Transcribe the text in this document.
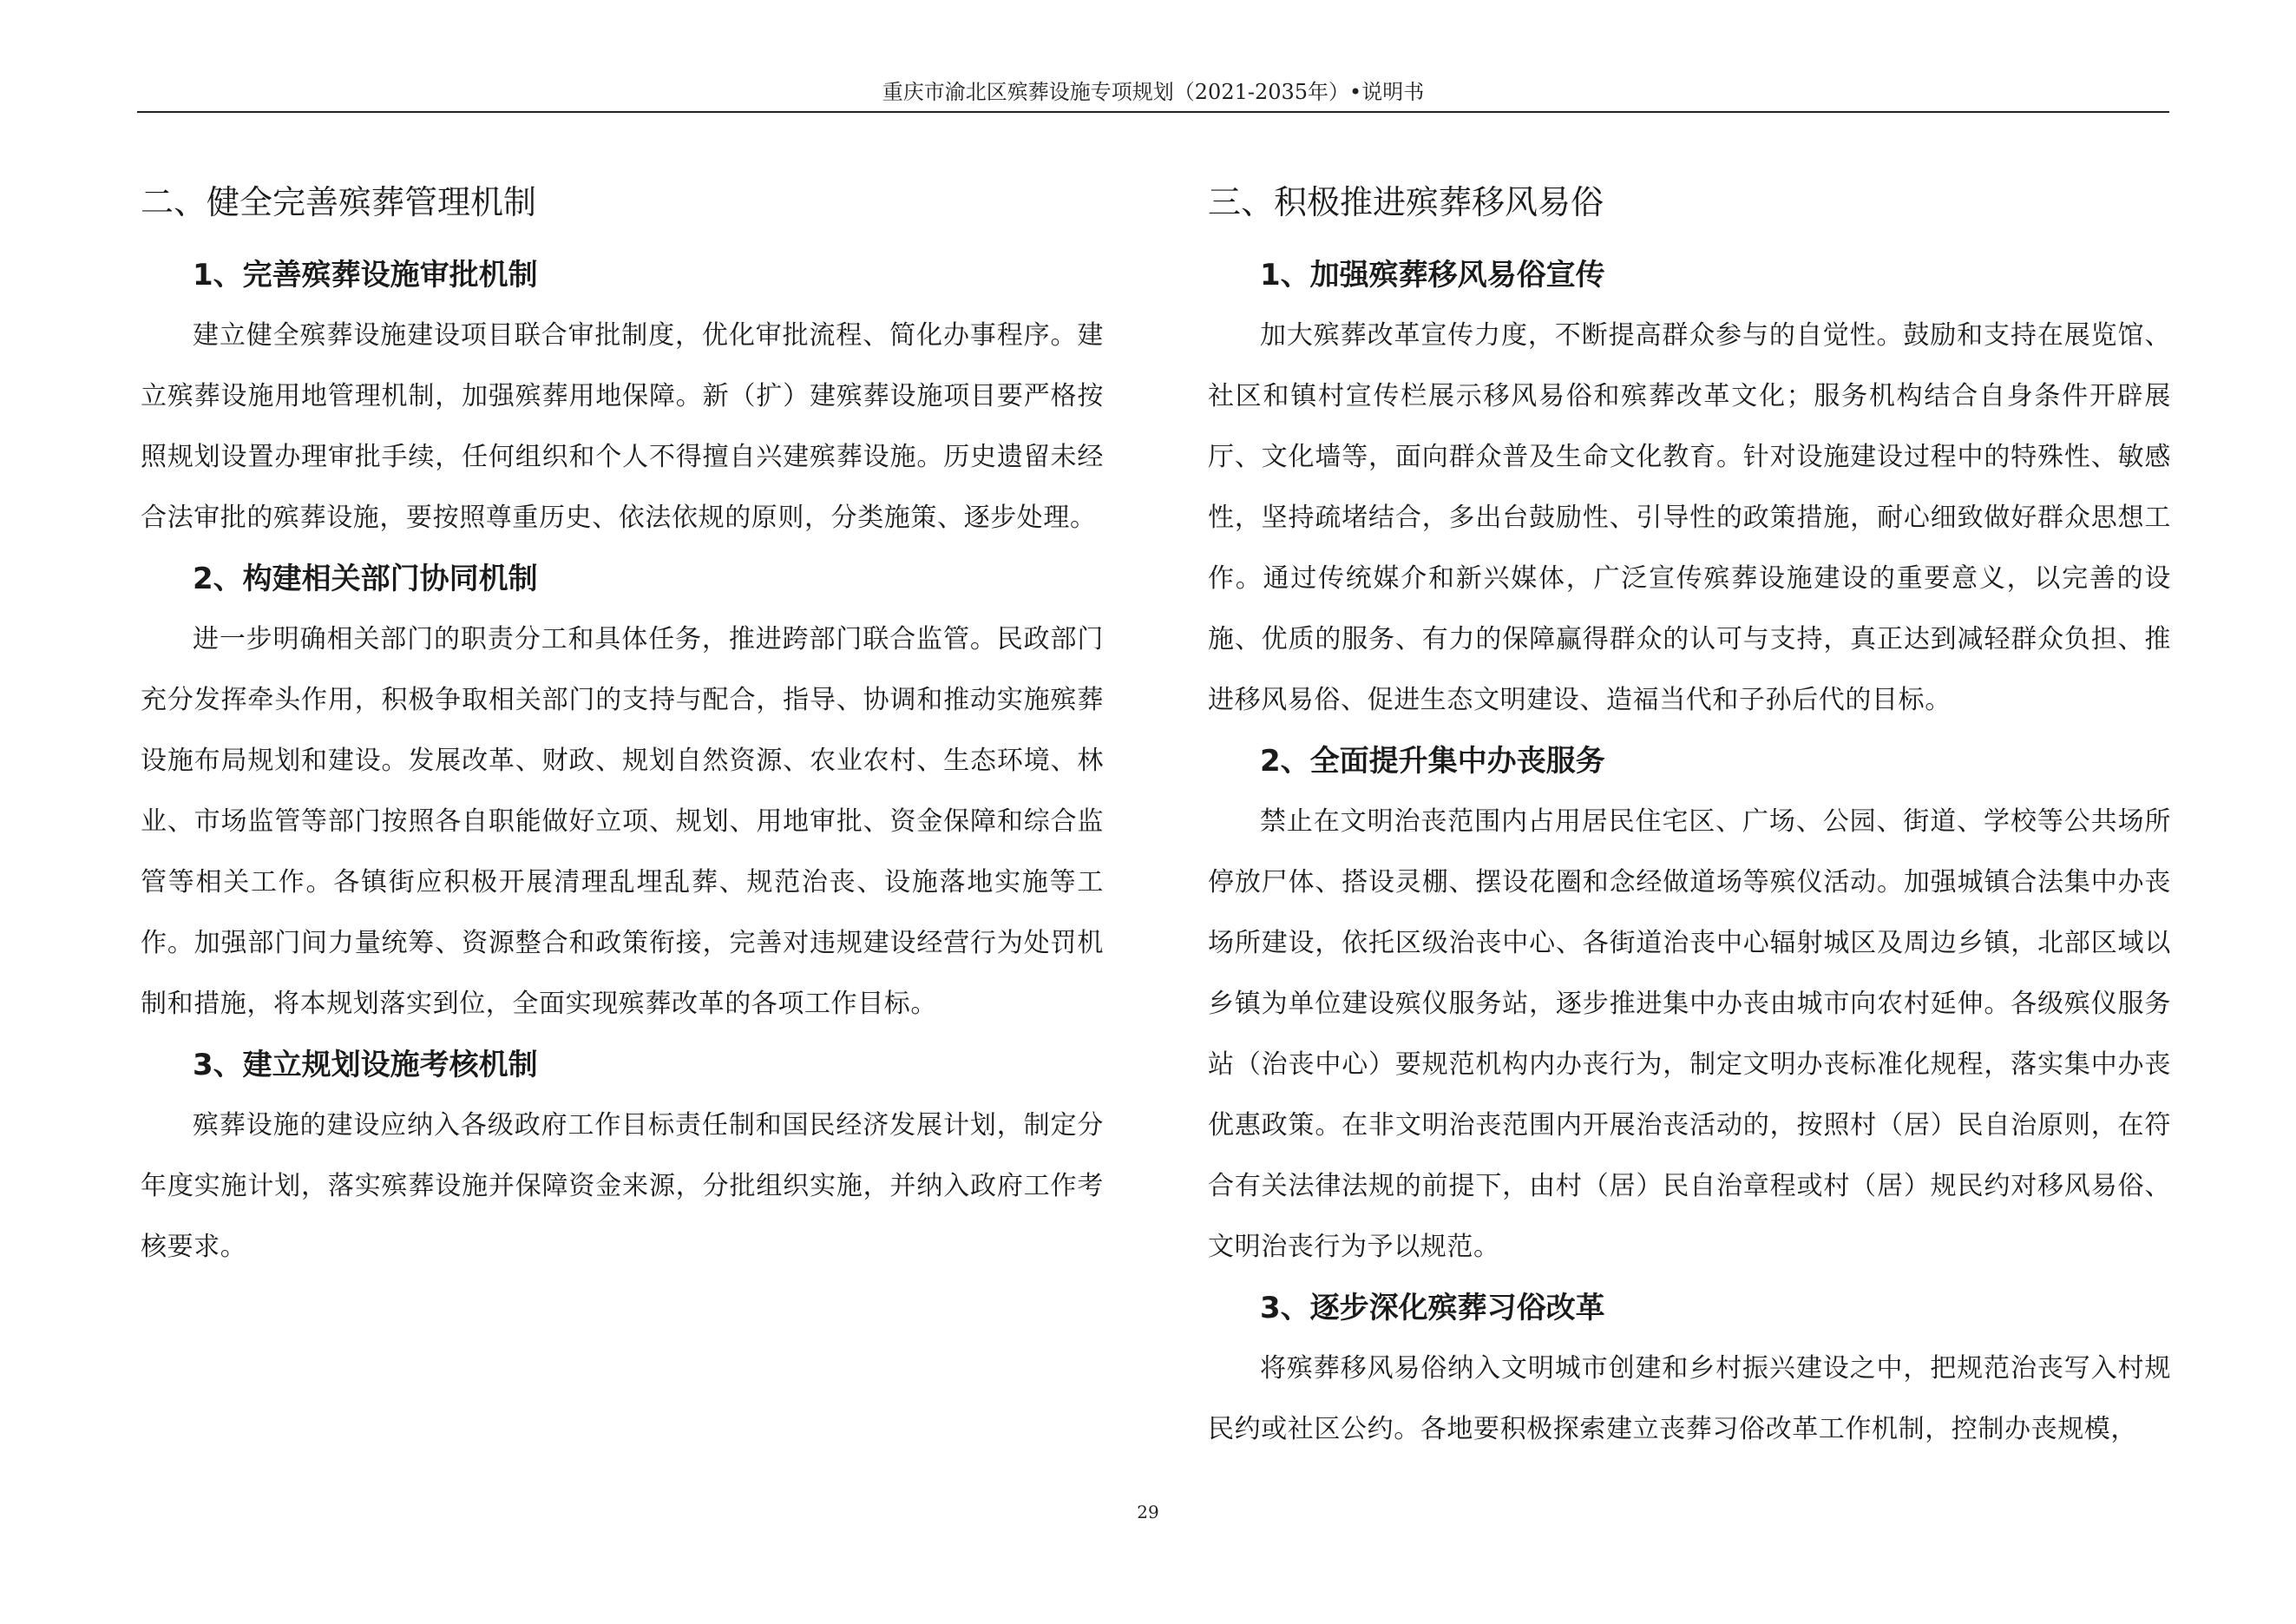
重庆市渝北区殡葬设施专项规划（2021-2035年）•说明书
二、健全完善殡葬管理机制
1、完善殡葬设施审批机制

建立健全殡葬设施建设项目联合审批制度，优化审批流程、简化办事程序。建立殡葬设施用地管理机制，加强殡葬用地保障。新（扩）建殡葬设施项目要严格按照规划设置办理审批手续，任何组织和个人不得擅自兴建殡葬设施。历史遗留未经合法审批的殡葬设施，要按照尊重历史、依法依规的原则，分类施策、逐步处理。

2、构建相关部门协同机制

进一步明确相关部门的职责分工和具体任务，推进跨部门联合监管。民政部门充分发挥牵头作用，积极争取相关部门的支持与配合，指导、协调和推动实施殡葬设施布局规划和建设。发展改革、财政、规划自然资源、农业农村、生态环境、林业、市场监管等部门按照各自职能做好立项、规划、用地审批、资金保障和综合监管等相关工作。各镇街应积极开展清理乱埋乱葬、规范治丧、设施落地实施等工作。加强部门间力量统筹、资源整合和政策衔接，完善对违规建设经营行为处罚机制和措施，将本规划落实到位，全面实现殡葬改革的各项工作目标。

3、建立规划设施考核机制

殡葬设施的建设应纳入各级政府工作目标责任制和国民经济发展计划，制定分年度实施计划，落实殡葬设施并保障资金来源，分批组织实施，并纳入政府工作考核要求。

三、积极推进殡葬移风易俗
1、加强殡葬移风易俗宣传

加大殡葬改革宣传力度，不断提高群众参与的自觉性。鼓励和支持在展览馆、社区和镇村宣传栏展示移风易俗和殡葬改革文化；服务机构结合自身条件开辟展厅、文化墙等，面向群众普及生命文化教育。针对设施建设过程中的特殊性、敏感性，坚持疏堵结合，多出台鼓励性、引导性的政策措施，耐心细致做好群众思想工作。通过传统媒介和新兴媒体，广泛宣传殡葬设施建设的重要意义，以完善的设施、优质的服务、有力的保障赢得群众的认可与支持，真正达到减轻群众负担、推进移风易俗、促进生态文明建设、造福当代和子孙后代的目标。

2、全面提升集中办丧服务

禁止在文明治丧范围内占用居民住宅区、广场、公园、街道、学校等公共场所停放尸体、搭设灵棚、摆设花圈和念经做道场等殡仪活动。加强城镇合法集中办丧场所建设，依托区级治丧中心、各街道治丧中心辐射城区及周边乡镇，北部区域以乡镇为单位建设殡仪服务站，逐步推进集中办丧由城市向农村延伸。各级殡仪服务站（治丧中心）要规范机构内办丧行为，制定文明办丧标准化规程，落实集中办丧优惠政策。在非文明治丧范围内开展治丧活动的，按照村（居）民自治原则，在符合有关法律法规的前提下，由村（居）民自治章程或村（居）规民约对移风易俗、文明治丧行为予以规范。

3、逐步深化殡葬习俗改革

将殡葬移风易俗纳入文明城市创建和乡村振兴建设之中，把规范治丧写入村规民约或社区公约。各地要积极探索建立丧葬习俗改革工作机制，控制办丧规模，

29
